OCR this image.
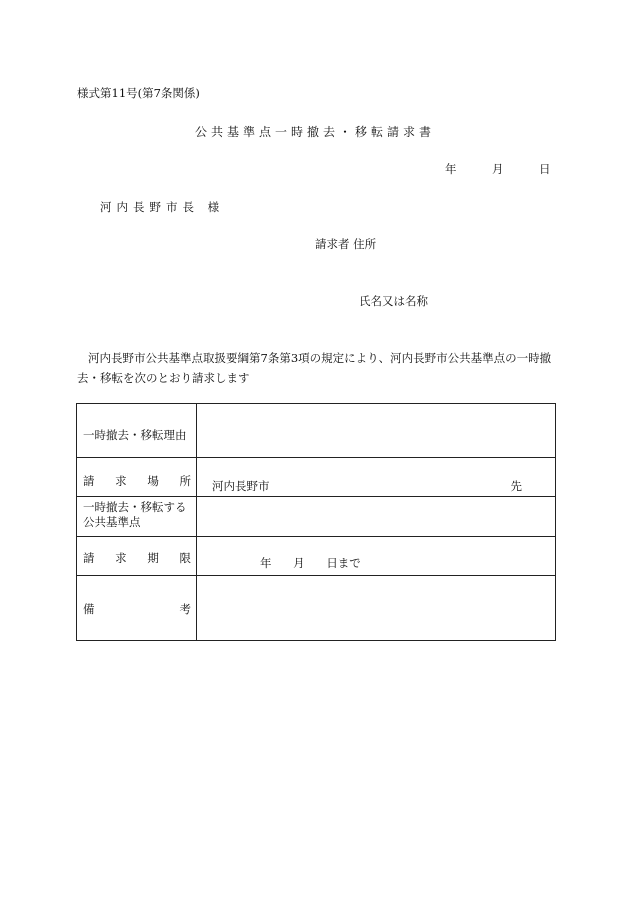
様式第11号(第7条関係)
公共基準点一時撤去・移転請求書
年	月	日
河内長野市長 様
請求者 住所
氏名又は名称
河内長野市公共基準点取扱要綱第7条第3項の規定により、河内長野市公共基準点の一時撤去・移転を次のとおり請求します
一時撤去・移転理由	

請 求 場 所	河内長野市 先

一時撤去・移転する
公共基準点	

請 求 期 限	年 月 日まで

備 考	
